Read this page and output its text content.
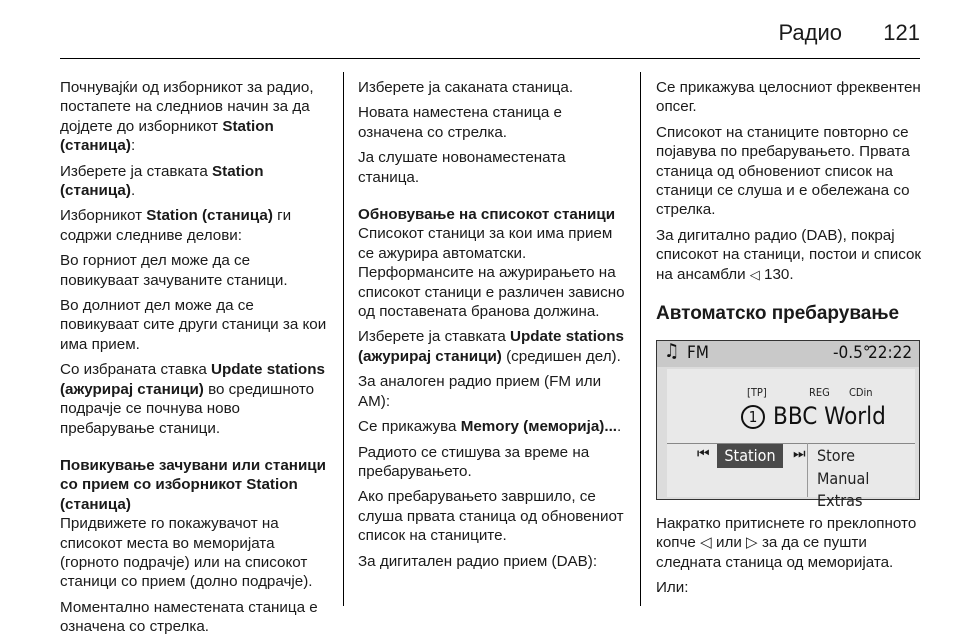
Радио 121

Почнувајќи од изборникот за радио, постапете на следниов начин за да дојдете до изборникот Station (станица):

Изберете ја ставката Station (станица).

Изборникот Station (станица) ги содржи следниве делови:

Во горниот дел може да се повикуваат зачуваните станици.

Во долниот дел може да се повикуваат сите други станици за кои има прием.

Со избраната ставка Update stations (ажурирај станици) во средишното подрачје се почнува ново пребарување станици.

Повикување зачувани или станици со прием со изборникот Station (станица)

Придвижете го покажувачот на списокот места во меморијата (горното подрачје) или на списокот станици со прием (долно подрачје).

Моментално наместената станица е означена со стрелка.

Изберете ја саканата станица.

Новата наместена станица е означена со стрелка.

Ја слушате новонаместената станица.

Обновување на списокот станици

Списокот станици за кои има прием се ажурира автоматски. Перформансите на ажурирањето на списокот станици е различен зависно од поставената бранова должина.

Изберете ја ставката Update stations (ажурирај станици) (средишен дел).

За аналоген радио прием (FM или AM):

Се прикажува Memory (меморија)....

Радиото се стишува за време на пребарувањето.

Ако пребарувањето завршило, се слуша првата станица од обновениот список на станиците.

За дигитален радио прием (DAB):

Се прикажува целосниот фреквентен опсег.

Списокот на станиците повторно се појавува по пребарувањето. Првата станица од обновениот список на станици се слуша и е обележана со стрелка.

За дигитално радио (DAB), покрај списокот на станици, постои и список на ансамбли ◁ 130.

Автоматско пребарување
♫ FM	-0.5°
22:22
[TP]	REG CDin
1 BBC World
⏮ Station	⏭ Store
Manual
Extras

Накратко притиснете го преклопното копче ◁ или ▷ за да се пушти следната станица од меморијата.

Или:
